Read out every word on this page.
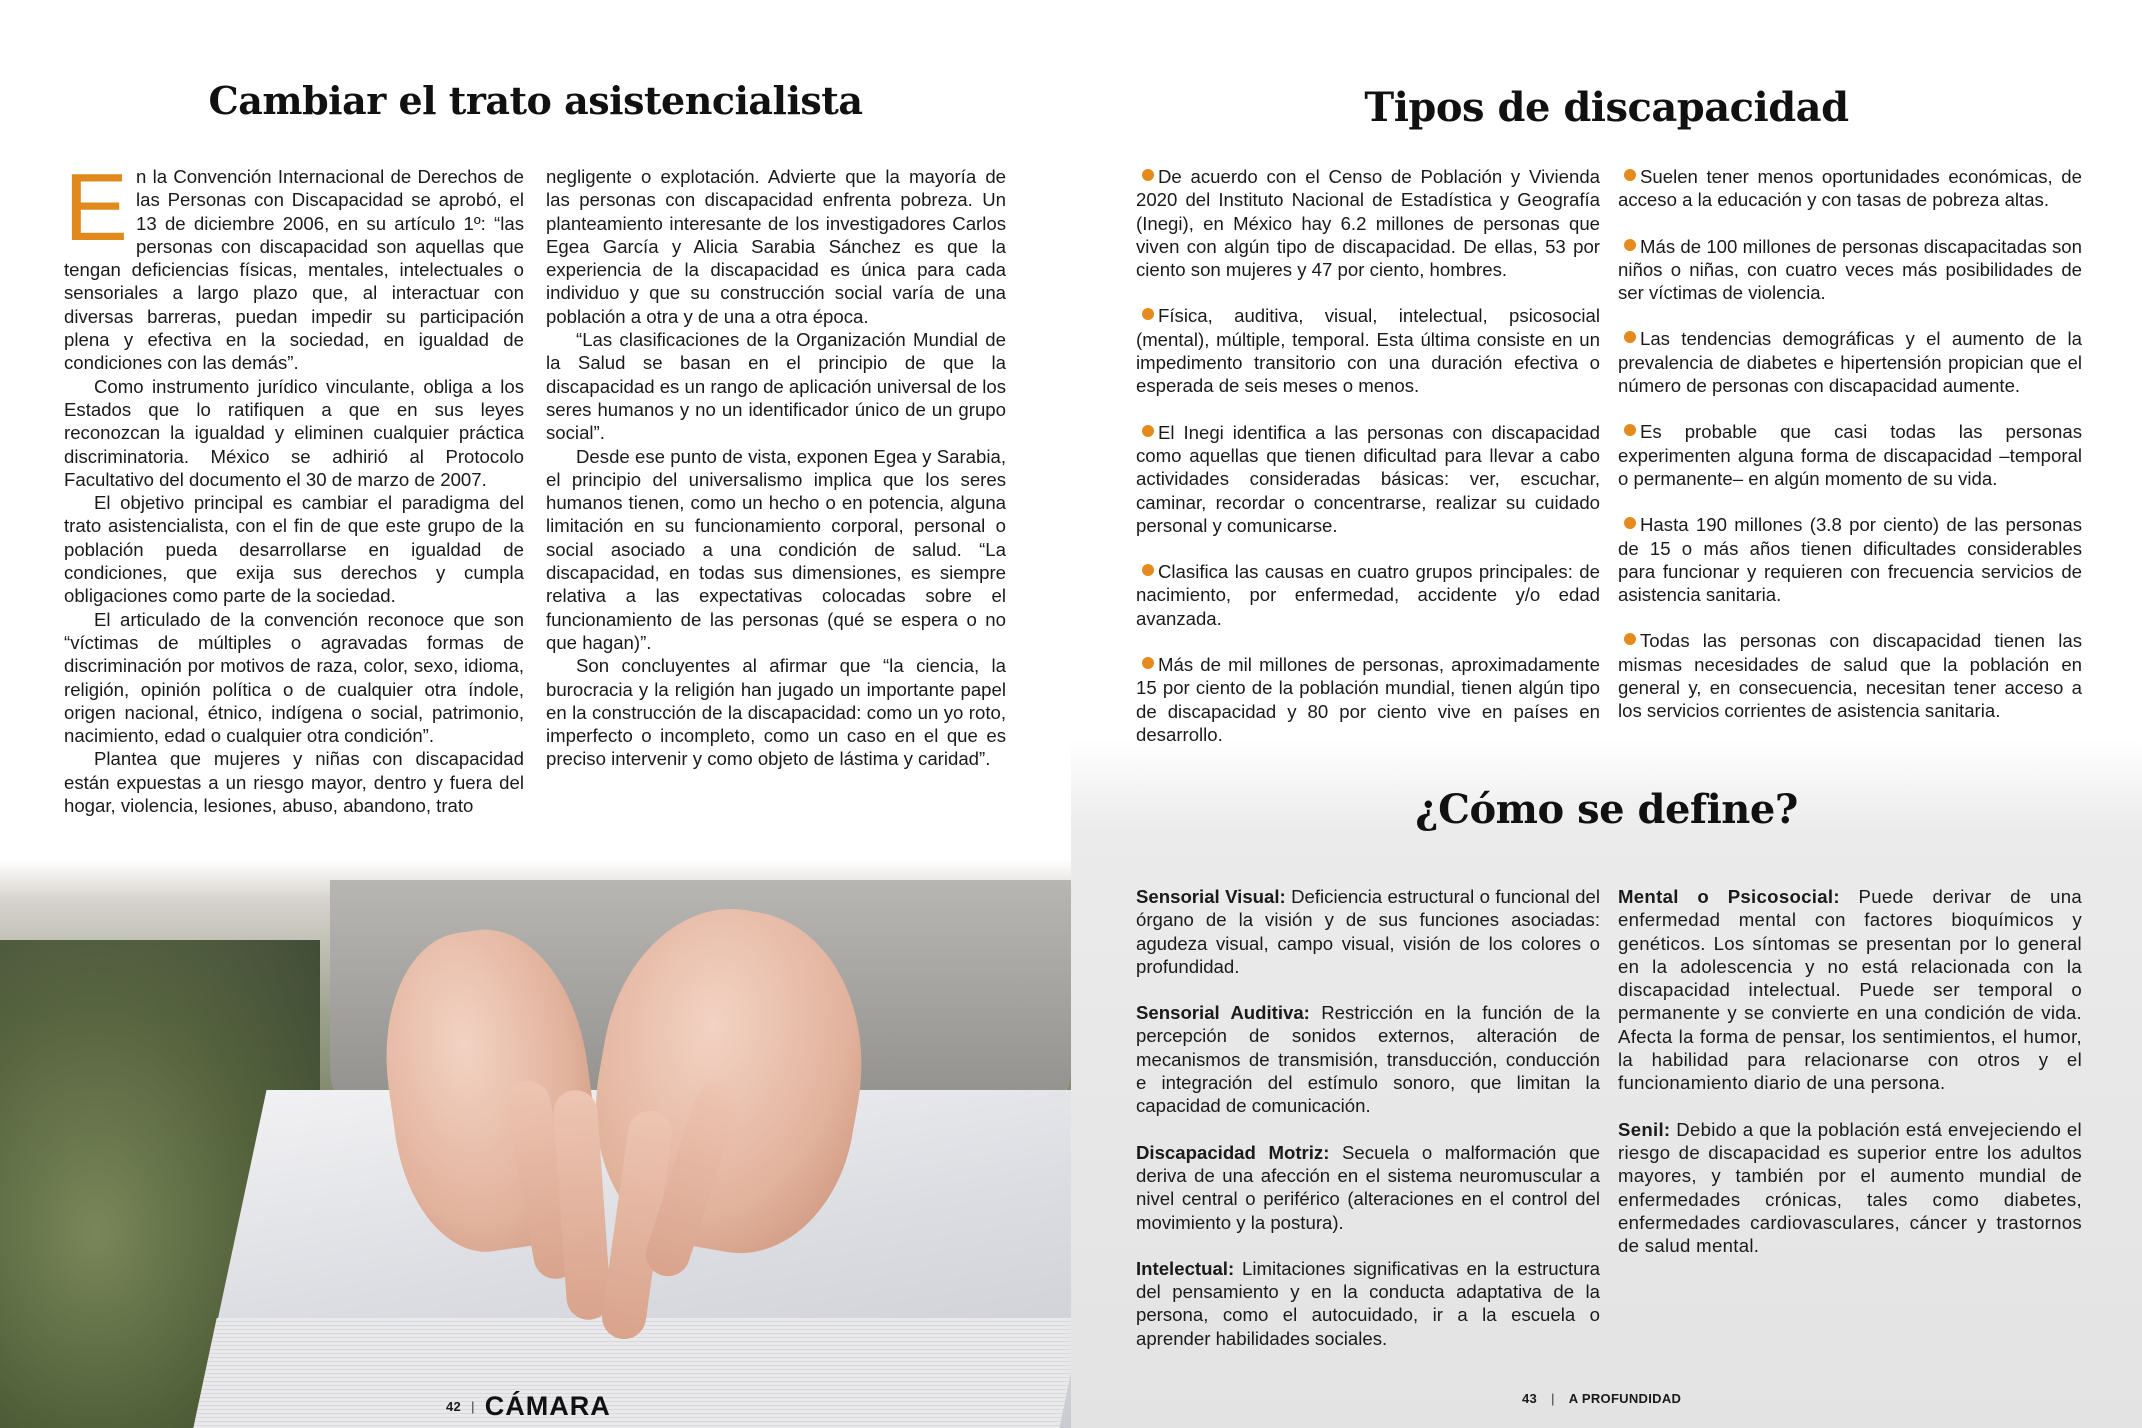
Cambiar el trato asistencialista

En la Convención Internacional de Derechos de las Personas con Discapacidad se aprobó, el 13 de diciembre 2006, en su artículo 1º: “las personas con discapacidad son aquellas que tengan deficiencias físicas, mentales, intelectuales o sensoriales a largo plazo que, al interactuar con diversas barreras, puedan impedir su participación plena y efectiva en la sociedad, en igualdad de condiciones con las demás”.

Como instrumento jurídico vinculante, obliga a los Estados que lo ratifiquen a que en sus leyes reconozcan la igualdad y eliminen cualquier práctica discriminatoria. México se adhirió al Protocolo Facultativo del documento el 30 de marzo de 2007.

El objetivo principal es cambiar el paradigma del trato asistencialista, con el fin de que este grupo de la población pueda desarrollarse en igualdad de condiciones, que exija sus derechos y cumpla obligaciones como parte de la sociedad.

El articulado de la convención reconoce que son “víctimas de múltiples o agravadas formas de discriminación por motivos de raza, color, sexo, idioma, religión, opinión política o de cualquier otra índole, origen nacional, étnico, indígena o social, patrimonio, nacimiento, edad o cualquier otra condición”.

Plantea que mujeres y niñas con discapacidad están expuestas a un riesgo mayor, dentro y fuera del hogar, violencia, lesiones, abuso, abandono, trato

negligente o explotación. Advierte que la mayoría de las personas con discapacidad enfrenta pobreza. Un planteamiento interesante de los investigadores Carlos Egea García y Alicia Sarabia Sánchez es que la experiencia de la discapacidad es única para cada individuo y que su construcción social varía de una población a otra y de una a otra época.

“Las clasificaciones de la Organización Mundial de la Salud se basan en el principio de que la discapacidad es un rango de aplicación universal de los seres humanos y no un identificador único de un grupo social”.

Desde ese punto de vista, exponen Egea y Sarabia, el principio del universalismo implica que los seres humanos tienen, como un hecho o en potencia, alguna limitación en su funcionamiento corporal, personal o social asociado a una condición de salud. “La discapacidad, en todas sus dimensiones, es siempre relativa a las expectativas colocadas sobre el funcionamiento de las personas (qué se espera o no que hagan)”.

Son concluyentes al afirmar que “la ciencia, la burocracia y la religión han jugado un importante papel en la construcción de la discapacidad: como un yo roto, imperfecto o incompleto, como un caso en el que es preciso intervenir y como objeto de lástima y caridad”.

42 | CÁMARA
Tipos de discapacidad
De acuerdo con el Censo de Población y Vivienda 2020 del Instituto Nacional de Estadística y Geografía (Inegi), en México hay 6.2 millones de personas que viven con algún tipo de discapacidad. De ellas, 53 por ciento son mujeres y 47 por ciento, hombres.
Física, auditiva, visual, intelectual, psicosocial (mental), múltiple, temporal. Esta última consiste en un impedimento transitorio con una duración efectiva o esperada de seis meses o menos.
El Inegi identifica a las personas con discapacidad como aquellas que tienen dificultad para llevar a cabo actividades consideradas básicas: ver, escuchar, caminar, recordar o concentrarse, realizar su cuidado personal y comunicarse.
Clasifica las causas en cuatro grupos principales: de nacimiento, por enfermedad, accidente y/o edad avanzada.
Más de mil millones de personas, aproximadamente 15 por ciento de la población mundial, tienen algún tipo de discapacidad y 80 por ciento vive en países en desarrollo.
Suelen tener menos oportunidades económicas, de acceso a la educación y con tasas de pobreza altas.
Más de 100 millones de personas discapacitadas son niños o niñas, con cuatro veces más posibilidades de ser víctimas de violencia.
Las tendencias demográficas y el aumento de la prevalencia de diabetes e hipertensión propician que el número de personas con discapacidad aumente.
Es probable que casi todas las personas experimenten alguna forma de discapacidad –temporal o permanente– en algún momento de su vida.
Hasta 190 millones (3.8 por ciento) de las personas de 15 o más años tienen dificultades considerables para funcionar y requieren con frecuencia servicios de asistencia sanitaria.
Todas las personas con discapacidad tienen las mismas necesidades de salud que la población en general y, en consecuencia, necesitan tener acceso a los servicios corrientes de asistencia sanitaria.
¿Cómo se define?
Sensorial Visual: Deficiencia estructural o funcional del órgano de la visión y de sus funciones asociadas: agudeza visual, campo visual, visión de los colores o profundidad.
Sensorial Auditiva: Restricción en la función de la percepción de sonidos externos, alteración de mecanismos de transmisión, transducción, conducción e integración del estímulo sonoro, que limitan la capacidad de comunicación.
Discapacidad Motriz: Secuela o malformación que deriva de una afección en el sistema neuromuscular a nivel central o periférico (alteraciones en el control del movimiento y la postura).
Intelectual: Limitaciones significativas en la estructura del pensamiento y en la conducta adaptativa de la persona, como el autocuidado, ir a la escuela o aprender habilidades sociales.
Mental o Psicosocial: Puede derivar de una enfermedad mental con factores bioquímicos y genéticos. Los síntomas se presentan por lo general en la adolescencia y no está relacionada con la discapacidad intelectual. Puede ser temporal o permanente y se convierte en una condición de vida. Afecta la forma de pensar, los sentimientos, el humor, la habilidad para relacionarse con otros y el funcionamiento diario de una persona.
Senil: Debido a que la población está envejeciendo el riesgo de discapacidad es superior entre los adultos mayores, y también por el aumento mundial de enfermedades crónicas, tales como diabetes, enfermedades cardiovasculares, cáncer y trastornos de salud mental.
43 | A PROFUNDIDAD
